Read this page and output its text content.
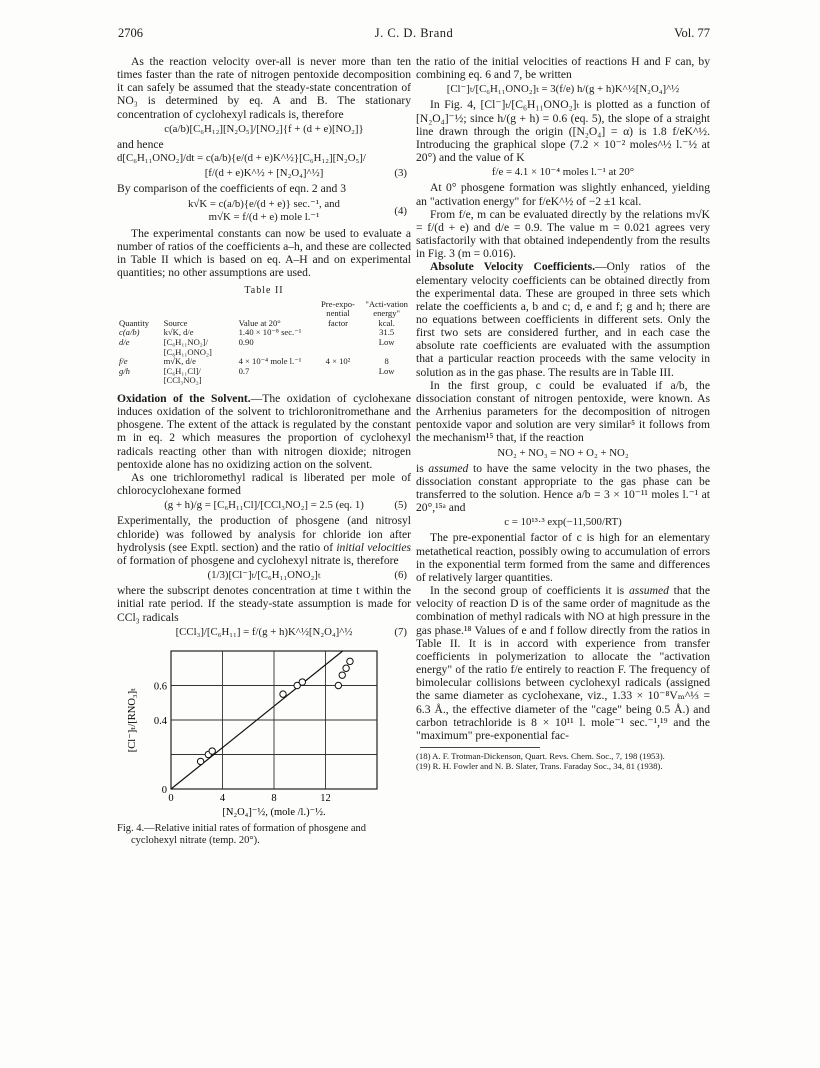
2706	J. C. D. Brand	Vol. 77

As the reaction velocity over-all is never more than ten times faster than the rate of nitrogen pentoxide decomposition it can safely be assumed that the steady-state concentration of NO₃ is determined by eq. A and B. The stationary concentration of cyclohexyl radicals is, therefore

c(a/b)[C₆H₁₂][N₂O₅]/[NO₂]{f + (d + e)[NO₂]}

and hence

d[C₆H₁₁ONO₂]/dt = c(a/b){e/(d + e)K^½}[C₆H₁₂][N₂O₅]/
[f/(d + e)K^½ + [N₂O₄]^½]	(3)

By comparison of the coefficients of eqn. 2 and 3

k√K = c(a/b){e/(d + e)} sec.⁻¹, and
m√K = f/(d + e) mole l.⁻¹
(4)

The experimental constants can now be used to evaluate a number of ratios of the coefficients a–h, and these are collected in Table II which is based on eq. A–H and on experimental quantities; no other assumptions are used.

Table II
Quantity	Source	Value at 20°	Pre-expo-nential factor	"Acti-vation energy" kcal.
c(a/b)	k√K, d/e	1.40 × 10⁻⁸ sec.⁻¹		31.5
d/e	[C₆H₁₁NO₂]/ [C₆H₁₁ONO₂]	0.90		Low
f/e	m√K, d/e	4 × 10⁻⁴ mole l.⁻¹	4 × 10²	8
g/h	[C₆H₁₁Cl]/ [CCl₃NO₂]	0.7		Low

Oxidation of the Solvent.—The oxidation of cyclohexane induces oxidation of the solvent to trichloronitromethane and phosgene. The extent of the attack is regulated by the constant m in eq. 2 which measures the proportion of cyclohexyl radicals reacting other than with nitrogen dioxide; nitrogen pentoxide alone has no oxidizing action on the solvent.

As one trichloromethyl radical is liberated per mole of chlorocyclohexane formed

(g + h)/g = [C₆H₁₁Cl]/[CCl₃NO₂] = 2.5 (eq. 1)	(5)

Experimentally, the production of phosgene (and nitrosyl chloride) was followed by analysis for chloride ion after hydrolysis (see Exptl. section) and the ratio of initial velocities of formation of phosgene and cyclohexyl nitrate is, therefore

(1/3)[Cl⁻]ₜ/[C₆H₁₁ONO₂]ₜ	(6)

where the subscript denotes concentration at time t within the initial rate period. If the steady-state assumption is made for CCl₃ radicals

[CCl₃]/[C₆H₁₁] = f/(g + h)K^½[N₂O₄]^½	(7)
0	4	8	12
0.6
0.4
0
[N₂O₄]⁻½, (mole /l.)⁻½.
[Cl⁻]ₜ/[RNO₃]ₜ
Fig. 4.—Relative initial rates of formation of phosgene and cyclohexyl nitrate (temp. 20°).

the ratio of the initial velocities of reactions H and F can, by combining eq. 6 and 7, be written

[Cl⁻]ₜ/[C₆H₁₁ONO₂]ₜ = 3(f/e) h/(g + h)K^½[N₂O₄]^½

In Fig. 4, [Cl⁻]ₜ/[C₆H₁₁ONO₂]ₜ is plotted as a function of [N₂O₄]⁻½; since h/(g + h) = 0.6 (eq. 5), the slope of a straight line drawn through the origin ([N₂O₄] = α) is 1.8 f/eK^½. Introducing the graphical slope (7.2 × 10⁻² moles^½ l.⁻½ at 20°) and the value of K

f/e = 4.1 × 10⁻⁴ moles l.⁻¹ at 20°

At 0° phosgene formation was slightly enhanced, yielding an "activation energy" for f/eK^½ of −2 ±1 kcal.

From f/e, m can be evaluated directly by the relations m√K = f/(d + e) and d/e = 0.9. The value m = 0.021 agrees very satisfactorily with that obtained independently from the results in Fig. 3 (m = 0.016).

Absolute Velocity Coefficients.—Only ratios of the elementary velocity coefficients can be obtained directly from the experimental data. These are grouped in three sets which relate the coefficients a, b and c; d, e and f; g and h; there are no equations between coefficients in different sets. Only the first two sets are considered further, and in each case the absolute rate coefficients are evaluated with the assumption that a particular reaction proceeds with the same velocity in solution as in the gas phase. The results are in Table III.

In the first group, c could be evaluated if a/b, the dissociation constant of nitrogen pentoxide, were known. As the Arrhenius parameters for the decomposition of nitrogen pentoxide vapor and solution are very similar⁵ it follows from the mechanism¹⁵ that, if the reaction

NO₂ + NO₃ = NO + O₂ + NO₂

is assumed to have the same velocity in the two phases, the dissociation constant appropriate to the gas phase can be transferred to the solution. Hence a/b = 3 × 10⁻¹¹ moles l.⁻¹ at 20°,¹⁵ᵃ and

c = 10¹³·³ exp(−11,500/RT)

The pre-exponential factor of c is high for an elementary metathetical reaction, possibly owing to accumulation of errors in the exponential term formed from the same and differences of relatively larger quantities.

In the second group of coefficients it is assumed that the velocity of reaction D is of the same order of magnitude as the combination of methyl radicals with NO at high pressure in the gas phase.¹⁸ Values of e and f follow directly from the ratios in Table II. It is in accord with experience from transfer coefficients in polymerization to allocate the "activation energy" of the ratio f/e entirely to reaction F. The frequency of bimolecular collisions between cyclohexyl radicals (assigned the same diameter as cyclohexane, viz., 1.33 × 10⁻⁸Vₘ^⅓ = 6.3 Å., the effective diameter of the "cage" being 0.5 Å.) and carbon tetrachloride is 8 × 10¹¹ l. mole⁻¹ sec.⁻¹,¹⁹ and the "maximum" pre-exponential fac-

(18) A. F. Trotman-Dickenson, Quart. Revs. Chem. Soc., 7, 198 (1953).

(19) R. H. Fowler and N. B. Slater, Trans. Faraday Soc., 34, 81 (1938).
